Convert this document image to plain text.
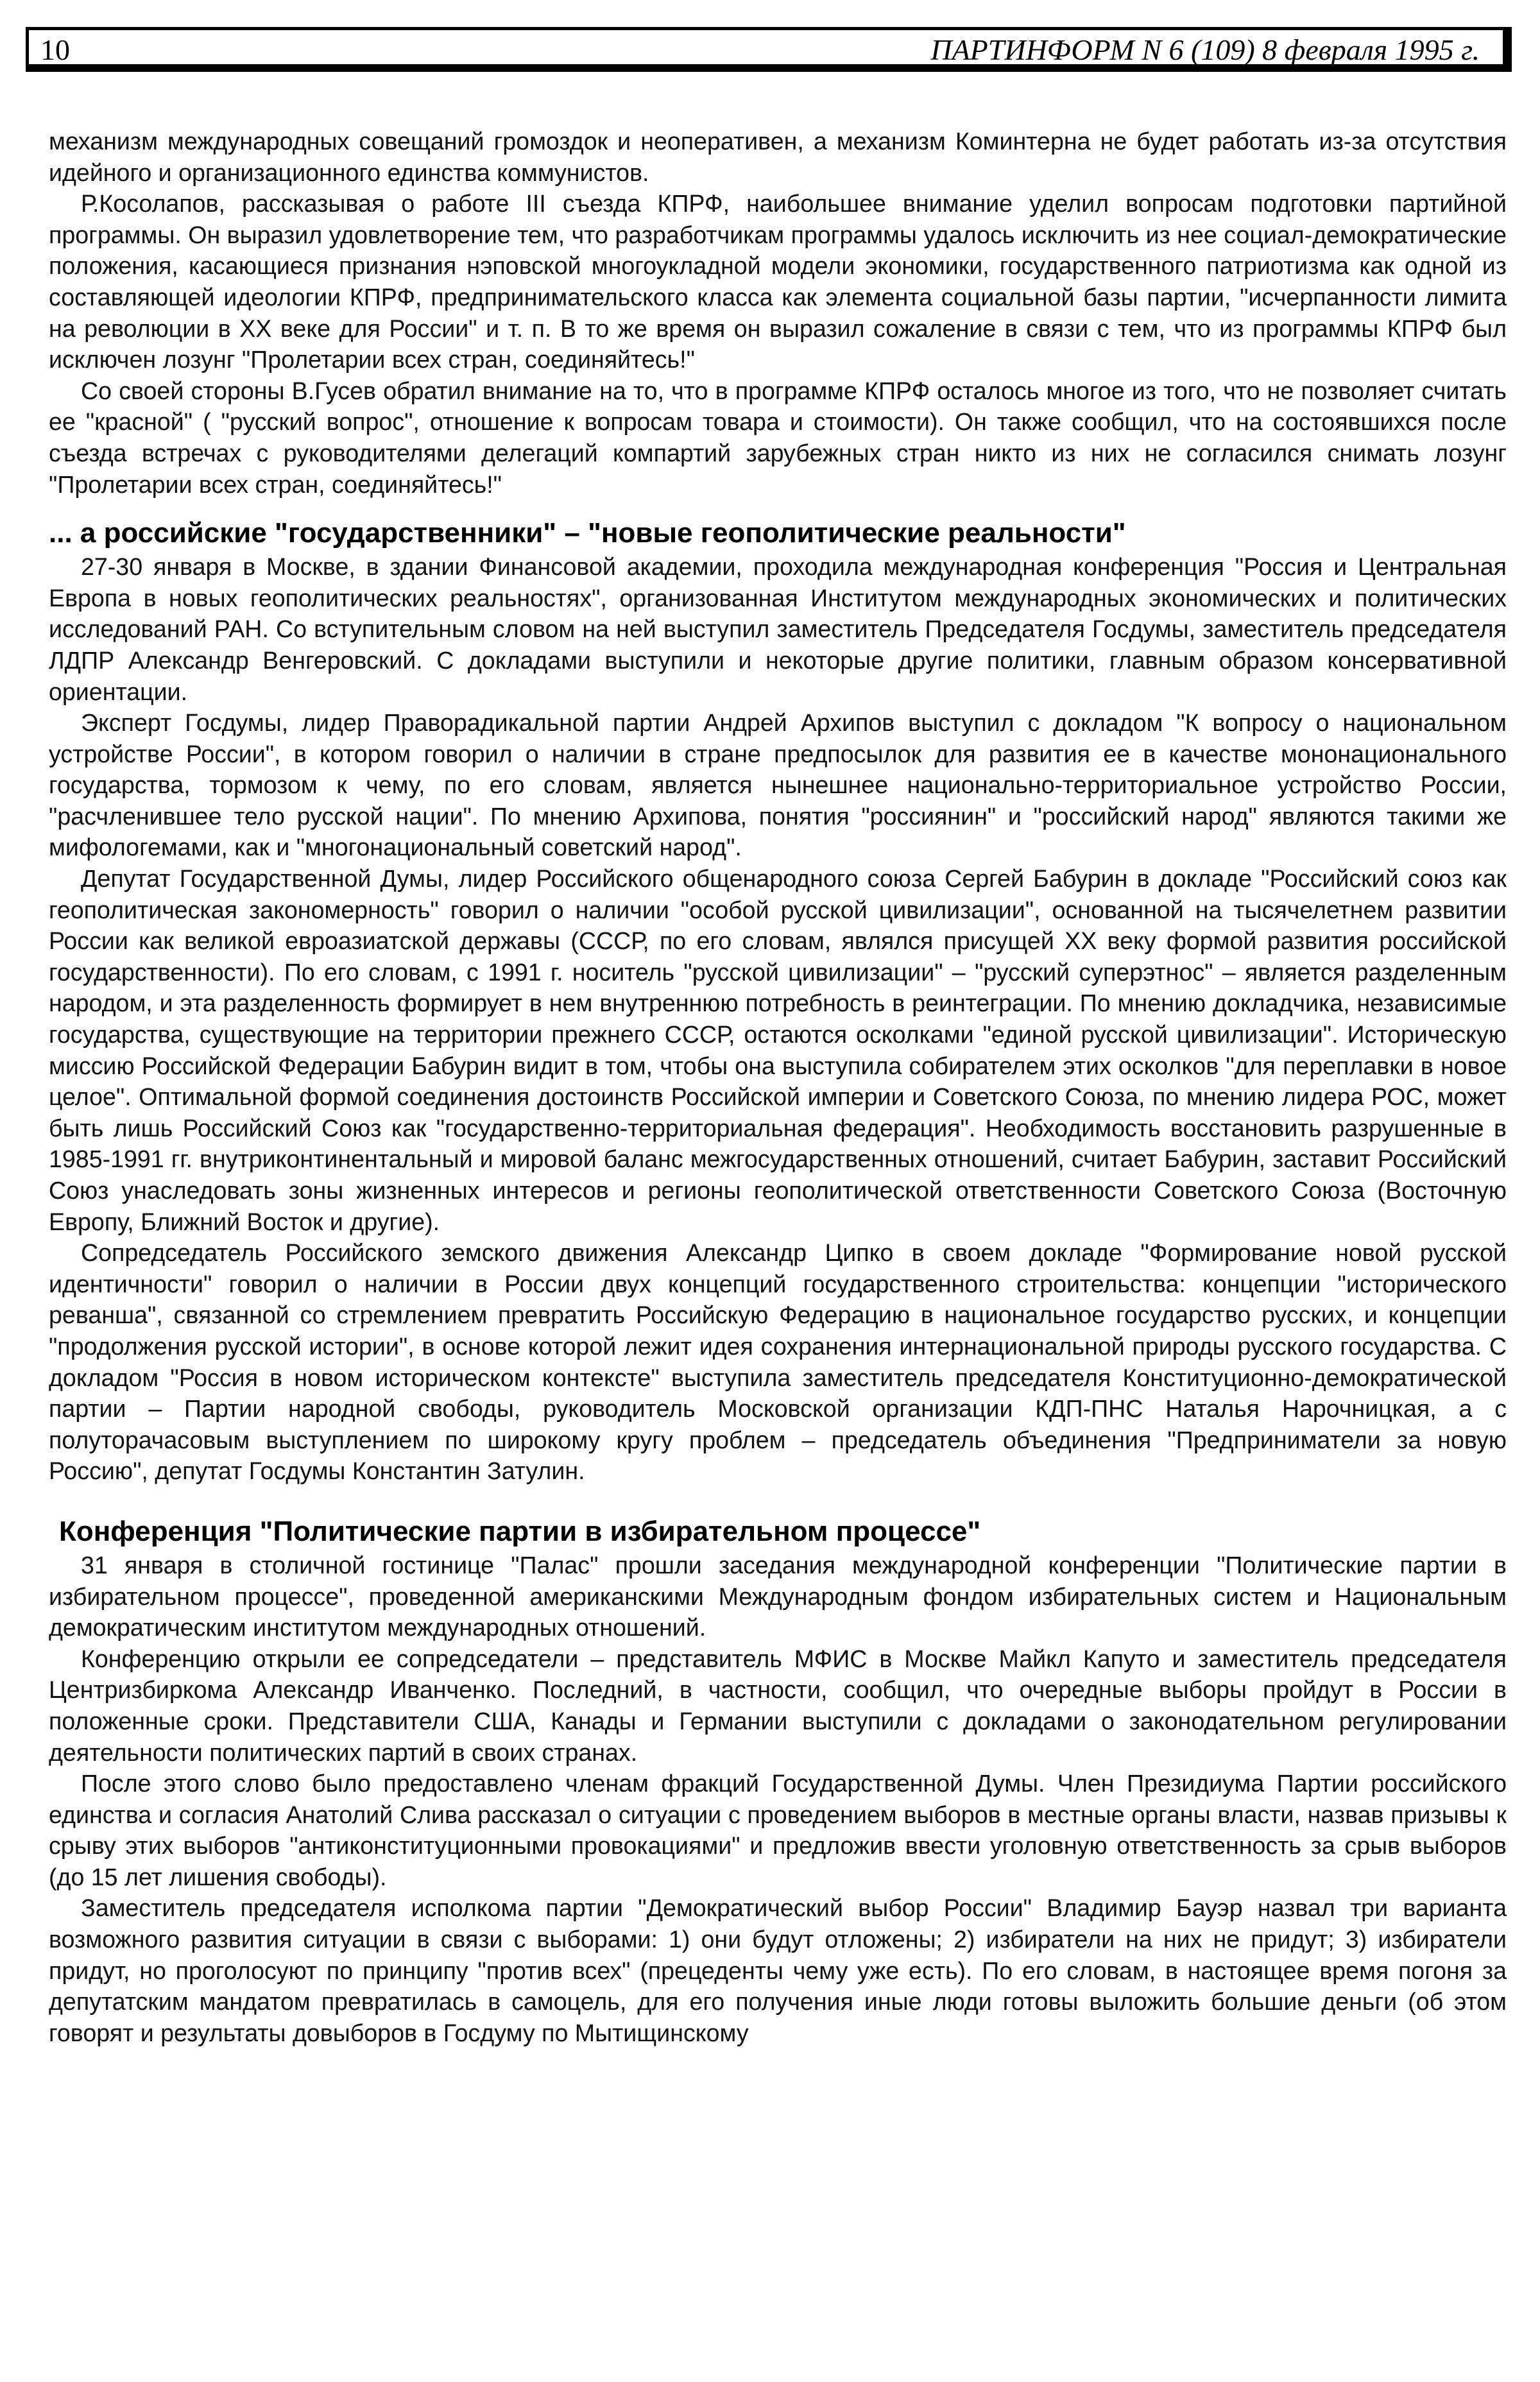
10	ПАРТИНФОРМ N 6 (109) 8 февраля 1995 г.

механизм международных совещаний громоздок и неоперативен, а механизм Коминтерна не будет работать из-за отсутствия идейного и организационного единства коммунистов.

Р.Косолапов, рассказывая о работе III съезда КПРФ, наибольшее внимание уделил вопросам подготовки партийной программы. Он выразил удовлетворение тем, что разработчикам программы удалось исключить из нее социал-демократические положения, касающиеся признания нэповской многоукладной модели экономики, государственного патриотизма как одной из составляющей идеологии КПРФ, предпринимательского класса как элемента социальной базы партии, "исчерпанности лимита на революции в XX веке для России" и т. п. В то же время он выразил сожаление в связи с тем, что из программы КПРФ был исключен лозунг "Пролетарии всех стран, соединяйтесь!"

Со своей стороны В.Гусев обратил внимание на то, что в программе КПРФ осталось многое из того, что не позволяет считать ее "красной" ( "русский вопрос", отношение к вопросам товара и стоимости). Он также сообщил, что на состоявшихся после съезда встречах с руководителями делегаций компартий зарубежных стран никто из них не согласился снимать лозунг "Пролетарии всех стран, соединяйтесь!"

... а российские "государственники" – "новые геополитические реальности"

27-30 января в Москве, в здании Финансовой академии, проходила международная конференция "Россия и Центральная Европа в новых геополитических реальностях", организованная Институтом международных экономических и политических исследований РАН. Со вступительным словом на ней выступил заместитель Председателя Госдумы, заместитель председателя ЛДПР Александр Венгеровский. С докладами выступили и некоторые другие политики, главным образом консервативной ориентации.

Эксперт Госдумы, лидер Праворадикальной партии Андрей Архипов выступил с докладом "К вопросу о национальном устройстве России", в котором говорил о наличии в стране предпосылок для развития ее в качестве мононационального государства, тормозом к чему, по его словам, является нынешнее национально-территориальное устройство России, "расчленившее тело русской нации". По мнению Архипова, понятия "россиянин" и "российский народ" являются такими же мифологемами, как и "многонациональный советский народ".

Депутат Государственной Думы, лидер Российского общенародного союза Сергей Бабурин в докладе "Российский союз как геополитическая закономерность" говорил о наличии "особой русской цивилизации", основанной на тысячелетнем развитии России как великой евроазиатской державы (СССР, по его словам, являлся присущей XX веку формой развития российской государственности). По его словам, с 1991 г. носитель "русской цивилизации" – "русский суперэтнос" – является разделенным народом, и эта разделенность формирует в нем внутреннюю потребность в реинтеграции. По мнению докладчика, независимые государства, существующие на территории прежнего СССР, остаются осколками "единой русской цивилизации". Историческую миссию Российской Федерации Бабурин видит в том, чтобы она выступила собирателем этих осколков "для переплавки в новое целое". Оптимальной формой соединения достоинств Российской империи и Советского Союза, по мнению лидера РОС, может быть лишь Российский Союз как "государственно-территориальная федерация". Необходимость восстановить разрушенные в 1985-1991 гг. внутриконтинентальный и мировой баланс межгосударственных отношений, считает Бабурин, заставит Российский Союз унаследовать зоны жизненных интересов и регионы геополитической ответственности Советского Союза (Восточную Европу, Ближний Восток и другие).

Сопредседатель Российского земского движения Александр Ципко в своем докладе "Формирование новой русской идентичности" говорил о наличии в России двух концепций государственного строительства: концепции "исторического реванша", связанной со стремлением превратить Российскую Федерацию в национальное государство русских, и концепции "продолжения русской истории", в основе которой лежит идея сохранения интернациональной природы русского государства. С докладом "Россия в новом историческом контексте" выступила заместитель председателя Конституционно-демократической партии – Партии народной свободы, руководитель Московской организации КДП-ПНС Наталья Нарочницкая, а с полуторачасовым выступлением по широкому кругу проблем – председатель объединения "Предприниматели за новую Россию", депутат Госдумы Константин Затулин.

Конференция "Политические партии в избирательном процессе"

31 января в столичной гостинице "Палас" прошли заседания международной конференции "Политические партии в избирательном процессе", проведенной американскими Международным фондом избирательных систем и Национальным демократическим институтом международных отношений.

Конференцию открыли ее сопредседатели – представитель МФИС в Москве Майкл Капуто и заместитель председателя Центризбиркома Александр Иванченко. Последний, в частности, сообщил, что очередные выборы пройдут в России в положенные сроки. Представители США, Канады и Германии выступили с докладами о законодательном регулировании деятельности политических партий в своих странах.

После этого слово было предоставлено членам фракций Государственной Думы. Член Президиума Партии российского единства и согласия Анатолий Слива рассказал о ситуации с проведением выборов в местные органы власти, назвав призывы к срыву этих выборов "антиконституционными провокациями" и предложив ввести уголовную ответственность за срыв выборов (до 15 лет лишения свободы).

Заместитель председателя исполкома партии "Демократический выбор России" Владимир Бауэр назвал три варианта возможного развития ситуации в связи с выборами: 1) они будут отложены; 2) избиратели на них не придут; 3) избиратели придут, но проголосуют по принципу "против всех" (прецеденты чему уже есть). По его словам, в настоящее время погоня за депутатским мандатом превратилась в самоцель, для его получения иные люди готовы выложить большие деньги (об этом говорят и результаты довыборов в Госдуму по Мытищинскому
